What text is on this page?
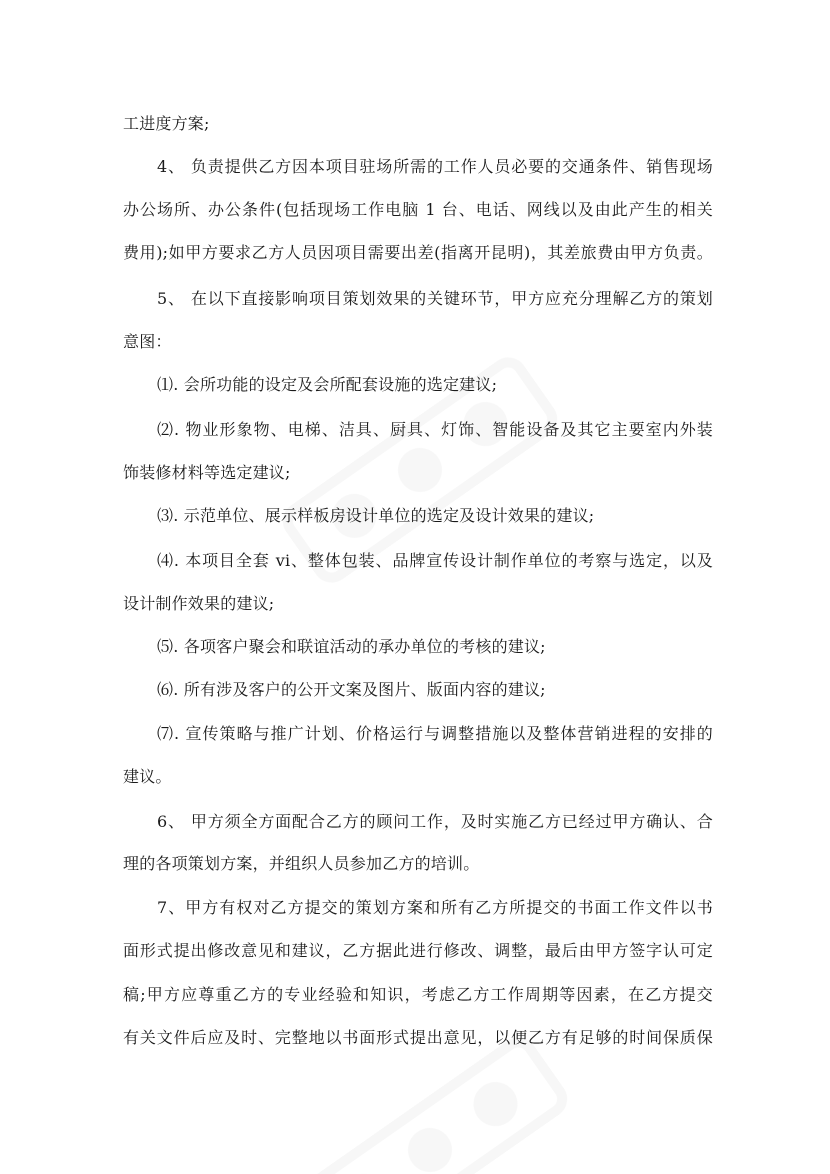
工进度方案;
4、 负责提供乙方因本项目驻场所需的工作人员必要的交通条件、销售现场
办公场所、办公条件(包括现场工作电脑 1 台、电话、网线以及由此产生的相关
费用);如甲方要求乙方人员因项目需要出差(指离开昆明)，其差旅费由甲方负责。
5、 在以下直接影响项目策划效果的关键环节，甲方应充分理解乙方的策划
意图：
⑴. 会所功能的设定及会所配套设施的选定建议;
⑵. 物业形象物、电梯、洁具、厨具、灯饰、智能设备及其它主要室内外装
饰装修材料等选定建议;
⑶. 示范单位、展示样板房设计单位的选定及设计效果的建议;
⑷. 本项目全套 vi、整体包装、品牌宣传设计制作单位的考察与选定，以及
设计制作效果的建议;
⑸. 各项客户聚会和联谊活动的承办单位的考核的建议;
⑹. 所有涉及客户的公开文案及图片、版面内容的建议;
⑺. 宣传策略与推广计划、价格运行与调整措施以及整体营销进程的安排的
建议。
6、 甲方须全方面配合乙方的顾问工作，及时实施乙方已经过甲方确认、合
理的各项策划方案，并组织人员参加乙方的培训。
7、甲方有权对乙方提交的策划方案和所有乙方所提交的书面工作文件以书
面形式提出修改意见和建议，乙方据此进行修改、调整，最后由甲方签字认可定
稿;甲方应尊重乙方的专业经验和知识，考虑乙方工作周期等因素，在乙方提交
有关文件后应及时、完整地以书面形式提出意见，以便乙方有足够的时间保质保
